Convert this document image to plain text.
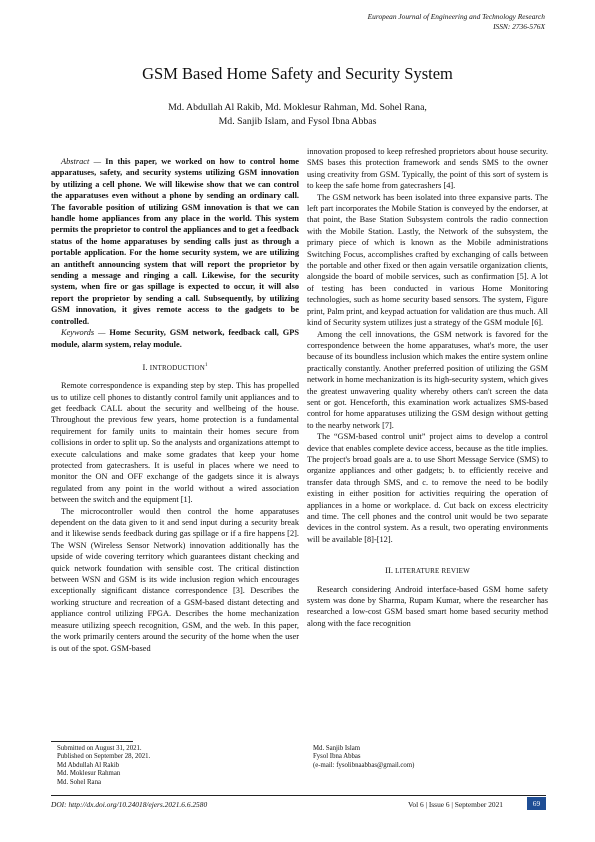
European Journal of Engineering and Technology Research
ISSN: 2736-576X
GSM Based Home Safety and Security System
Md. Abdullah Al Rakib, Md. Moklesur Rahman, Md. Sohel Rana,
Md. Sanjib Islam, and Fysol Ibna Abbas

Abstract — In this paper, we worked on how to control home apparatuses, safety, and security systems utilizing GSM innovation by utilizing a cell phone. We will likewise show that we can control the apparatuses even without a phone by sending an ordinary call. The favorable position of utilizing GSM innovation is that we can handle home appliances from any place in the world. This system permits the proprietor to control the appliances and to get a feedback status of the home apparatuses by sending calls just as through a portable application. For the home security system, we are utilizing an antitheft announcing system that will report the proprietor by sending a message and ringing a call. Likewise, for the security system, when fire or gas spillage is expected to occur, it will also report the proprietor by sending a call. Subsequently, by utilizing GSM innovation, it gives remote access to the gadgets to be controlled.

Keywords — Home Security, GSM network, feedback call, GPS module, alarm system, relay module.

I. INTRODUCTION$^1$

Remote correspondence is expanding step by step. This has propelled us to utilize cell phones to distantly control family unit appliances and to get feedback CALL about the security and wellbeing of the house. Throughout the previous few years, home protection is a fundamental requirement for family units to maintain their homes secure from collisions in order to split up. So the analysts and organizations attempt to execute calculations and make some gradates that keep your home protected from gatecrashers. It is useful in places where we need to monitor the ON and OFF exchange of the gadgets since it is always regulated from any point in the world without a wired association between the switch and the equipment [1].

The microcontroller would then control the home apparatuses dependent on the data given to it and send input during a security break and it likewise sends feedback during gas spillage or if a fire happens [2]. The WSN (Wireless Sensor Network) innovation additionally has the upside of wide covering territory which guarantees distant checking and quick network foundation with sensible cost. The critical distinction between WSN and GSM is its wide inclusion region which encourages exceptionally significant distance correspondence [3]. Describes the working structure and recreation of a GSM-based distant detecting and appliance control utilizing FPGA. Describes the home mechanization measure utilizing speech recognition, GSM, and the web. In this paper, the work primarily centers around the security of the home when the user is out of the spot. GSM-based

innovation proposed to keep refreshed proprietors about house security. SMS bases this protection framework and sends SMS to the owner using creativity from GSM. Typically, the point of this sort of system is to keep the safe home from gatecrashers [4].

The GSM network has been isolated into three expansive parts. The left part incorporates the Mobile Station is conveyed by the endorser, at that point, the Base Station Subsystem controls the radio connection with the Mobile Station. Lastly, the Network of the subsystem, the primary piece of which is known as the Mobile administrations Switching Focus, accomplishes crafted by exchanging of calls between the portable and other fixed or then again versatile organization clients, alongside the board of mobile services, such as confirmation [5]. A lot of testing has been conducted in various Home Monitoring technologies, such as home security based sensors. The system, Figure print, Palm print, and keypad actuation for validation are thus much. All kind of Security system utilizes just a strategy of the GSM module [6].

Among the cell innovations, the GSM network is favored for the correspondence between the home apparatuses, what's more, the user because of its boundless inclusion which makes the entire system online practically constantly. Another preferred position of utilizing the GSM network in home mechanization is its high-security system, which gives the greatest unwavering quality whereby others can't screen the data sent or got. Henceforth, this examination work actualizes SMS-based control for home apparatuses utilizing the GSM design without getting to the nearby network [7].

The “GSM-based control unit” project aims to develop a control device that enables complete device access, because as the title implies. The project's broad goals are a. to use Short Message Service (SMS) to organize appliances and other gadgets; b. to efficiently receive and transfer data through SMS, and c. to remove the need to be bodily existing in either position for activities requiring the operation of appliances in a home or workplace. d. Cut back on excess electricity and time. The cell phones and the control unit would be two separate devices in the control system. As a result, two operating environments will be available [8]-[12].

II. LITERATURE REVIEW

Research considering Android interface-based GSM home safety system was done by Sharma, Rupam Kumar, where the researcher has researched a low-cost GSM based smart home based security method along with the face recognition

Submitted on August 31, 2021.
Published on September 28, 2021.
Md Abdullah Al Rakib
Md. Moklesur Rahman
Md. Sohel Rana
Md. Sanjib Islam
Fysol Ibna Abbas
(e-mail: fysolibnaabbas@gmail.com)
DOI: http://dx.doi.org/10.24018/ejers.2021.6.6.2580	Vol 6 | Issue 6 | September 2021	69
